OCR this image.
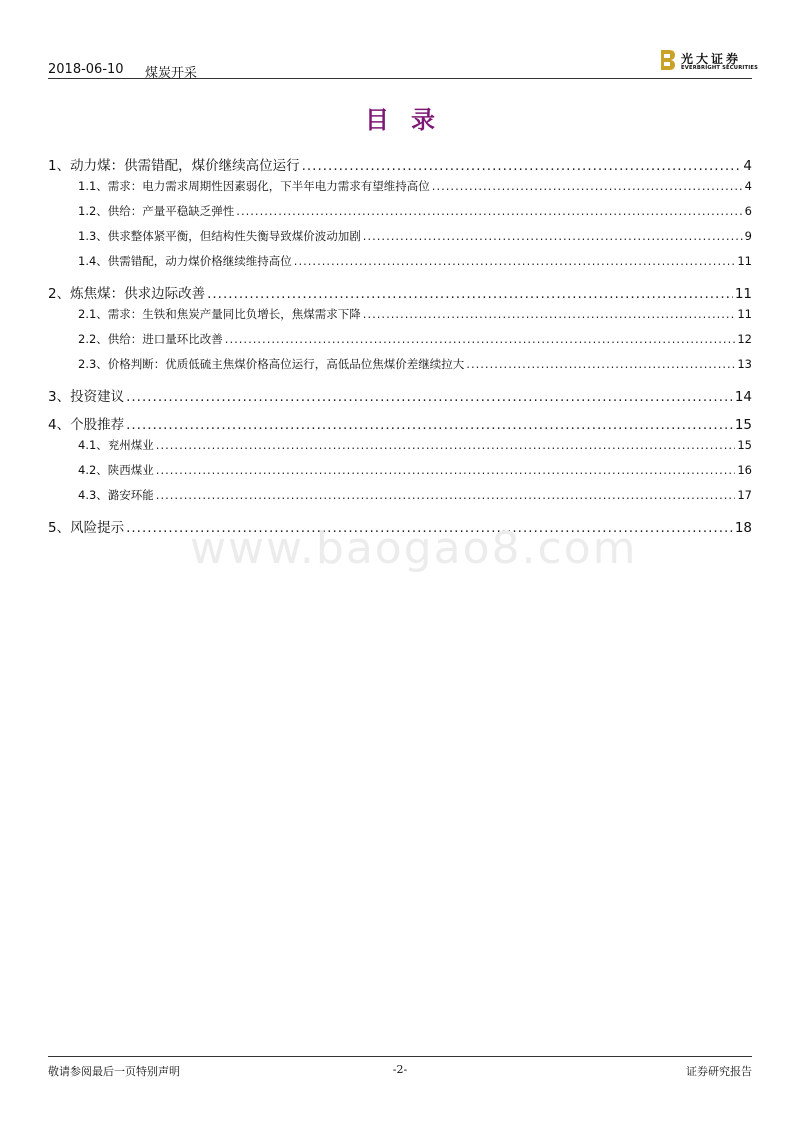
2018-06-10 煤炭开采
光大证券
EVERBRIGHT SECURITIES
目录
1、 动力煤：供需错配，煤价继续高位运行 .....	4
1.1、 需求：电力需求周期性因素弱化，下半年电力需求有望维持高位 .....	4
1.2、 供给：产量平稳缺乏弹性 .....	6
1.3、 供求整体紧平衡，但结构性失衡导致煤价波动加剧 .....	9
1.4、 供需错配，动力煤价格继续维持高位 .....	11
2、 炼焦煤：供求边际改善 .....	11
2.1、 需求：生铁和焦炭产量同比负增长，焦煤需求下降 .....	11
2.2、 供给：进口量环比改善 .....	12
2.3、 价格判断：优质低硫主焦煤价格高位运行，高低品位焦煤价差继续拉大 .....	13
3、 投资建议 .....	14
4、 个股推荐 .....	15
4.1、 兖州煤业 .....	15
4.2、 陕西煤业 .....	16
4.3、 潞安环能 .....	17
5、 风险提示 .....	18
www.baogao8.com
敬请参阅最后一页特别声明	-2-	证券研究报告
